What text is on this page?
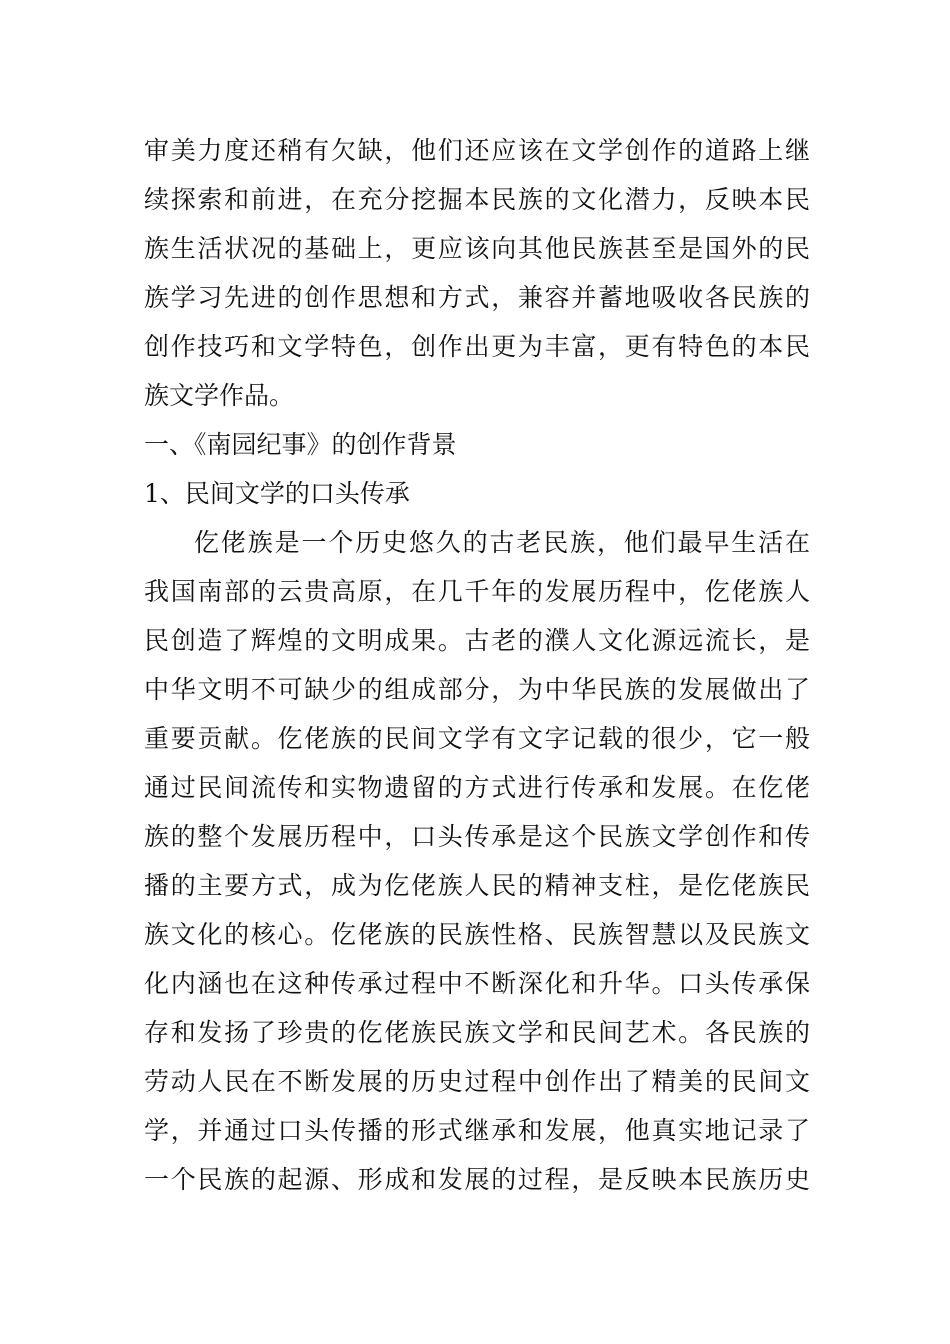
审美力度还稍有欠缺，他们还应该在文学创作的道路上继
续探索和前进，在充分挖掘本民族的文化潜力，反映本民
族生活状况的基础上，更应该向其他民族甚至是国外的民
族学习先进的创作思想和方式，兼容并蓄地吸收各民族的
创作技巧和文学特色，创作出更为丰富，更有特色的本民
族文学作品。
一、《南园纪事》的创作背景
1、民间文学的口头传承
仡佬族是一个历史悠久的古老民族，他们最早生活在
我国南部的云贵高原，在几千年的发展历程中，仡佬族人
民创造了辉煌的文明成果。古老的濮人文化源远流长，是
中华文明不可缺少的组成部分，为中华民族的发展做出了
重要贡献。仡佬族的民间文学有文字记载的很少，它一般
通过民间流传和实物遗留的方式进行传承和发展。在仡佬
族的整个发展历程中，口头传承是这个民族文学创作和传
播的主要方式，成为仡佬族人民的精神支柱，是仡佬族民
族文化的核心。仡佬族的民族性格、民族智慧以及民族文
化内涵也在这种传承过程中不断深化和升华。口头传承保
存和发扬了珍贵的仡佬族民族文学和民间艺术。各民族的
劳动人民在不断发展的历史过程中创作出了精美的民间文
学，并通过口头传播的形式继承和发展，他真实地记录了
一个民族的起源、形成和发展的过程，是反映本民族历史
